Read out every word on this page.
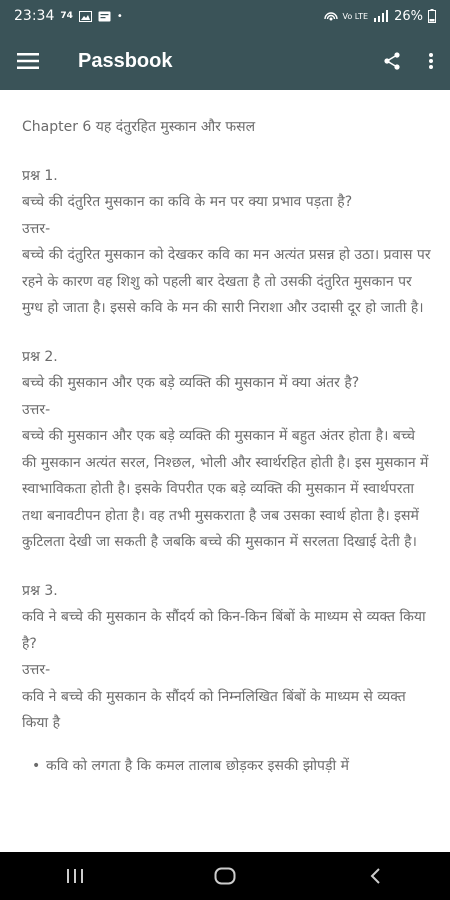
23:34 74	•	Vo LTE 26%
Passbook

Chapter 6 यह दंतुरहित मुस्कान और फसल

प्रश्न 1.

बच्चे की दंतुरित मुसकान का कवि के मन पर क्या प्रभाव पड़ता है?

उत्तर-

बच्चे की दंतुरित मुसकान को देखकर कवि का मन अत्यंत प्रसन्न हो उठा। प्रवास पर रहने के कारण वह शिशु को पहली बार देखता है तो उसकी दंतुरित मुसकान पर मुग्ध हो जाता है। इससे कवि के मन की सारी निराशा और उदासी दूर हो जाती है।

प्रश्न 2.

बच्चे की मुसकान और एक बड़े व्यक्ति की मुसकान में क्या अंतर है?

उत्तर-

बच्चे की मुसकान और एक बड़े व्यक्ति की मुसकान में बहुत अंतर होता है। बच्चे की मुसकान अत्यंत सरल, निश्छल, भोली और स्वार्थरहित होती है। इस मुसकान में स्वाभाविकता होती है। इसके विपरीत एक बड़े व्यक्ति की मुसकान में स्वार्थपरता तथा बनावटीपन होता है। वह तभी मुसकराता है जब उसका स्वार्थ होता है। इसमें कुटिलता देखी जा सकती है जबकि बच्चे की मुसकान में सरलता दिखाई देती है।

प्रश्न 3.

कवि ने बच्चे की मुसकान के सौंदर्य को किन-किन बिंबों के माध्यम से व्यक्त किया है?

उत्तर-

कवि ने बच्चे की मुसकान के सौंदर्य को निम्नलिखित बिंबों के माध्यम से व्यक्त किया है

• कवि को लगता है कि कमल तालाब छोड़कर इसकी झोपड़ी में
